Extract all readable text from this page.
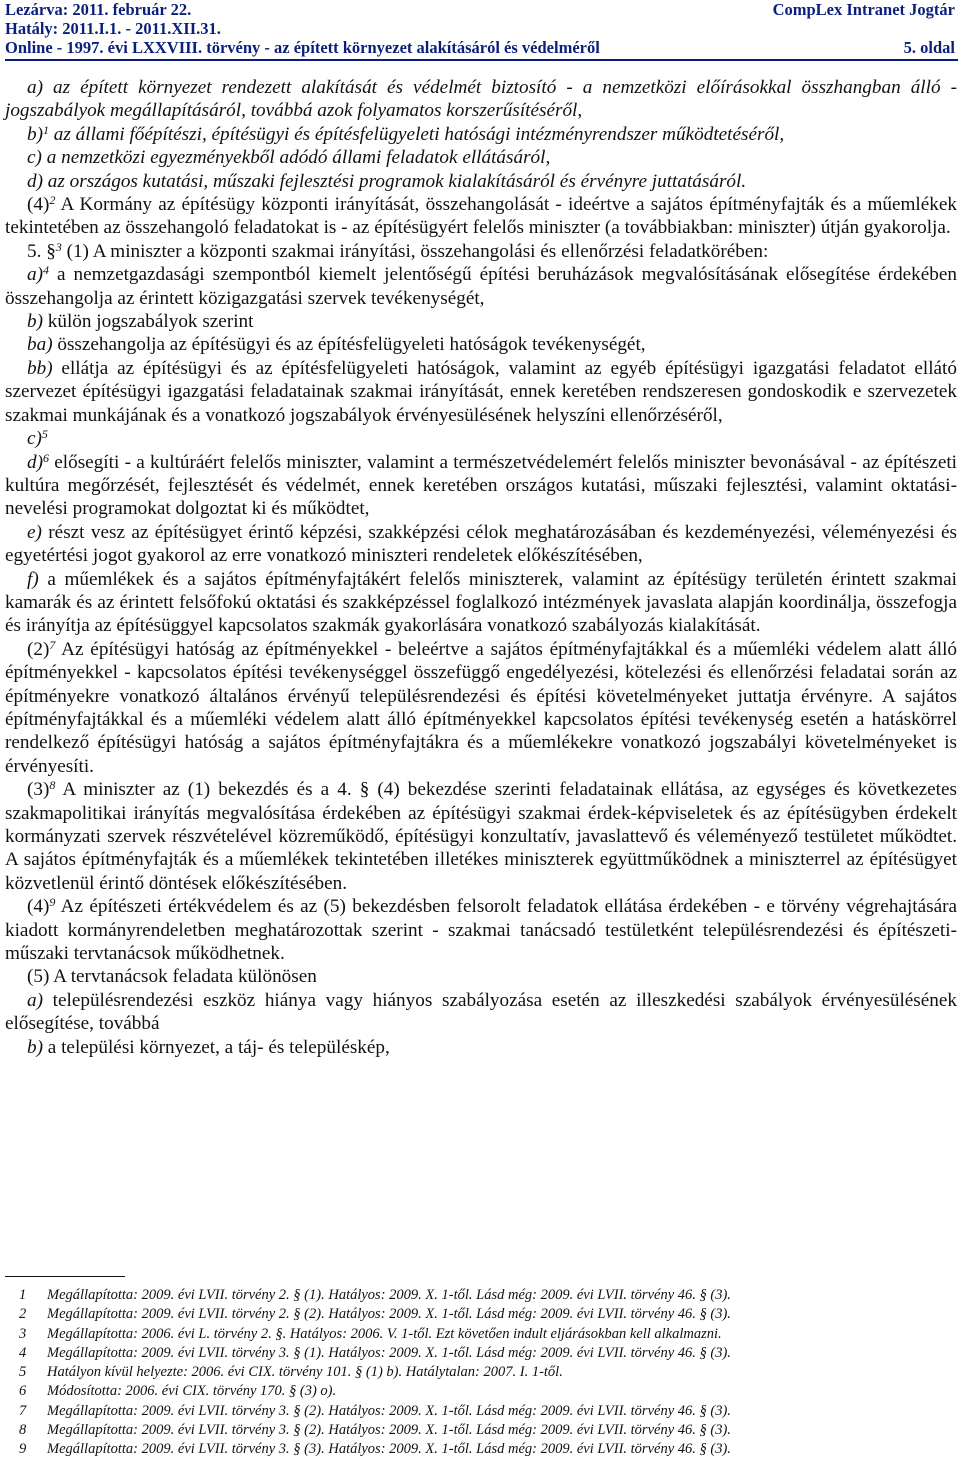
Lezárva: 2011. február 22.	CompLex Intranet Jogtár
Hatály: 2011.I.1. - 2011.XII.31.
Online - 1997. évi LXXVIII. törvény - az épített környezet alakításáról és védelméről	5. oldal
a) az épített környezet rendezett alakítását és védelmét biztosító - a nemzetközi előírásokkal összhangban álló - jogszabályok megállapításáról, továbbá azok folyamatos korszerűsítéséről,
b)$^1$ az állami főépítészi, építésügyi és építésfelügyeleti hatósági intézményrendszer működtetéséről,
c) a nemzetközi egyezményekből adódó állami feladatok ellátásáról,
d) az országos kutatási, műszaki fejlesztési programok kialakításáról és érvényre juttatásáról.
$(4)^2$ A Kormány az építésügy központi irányítását, összehangolását - ideértve a sajátos építményfajták és a műemlékek tekintetében az összehangoló feladatokat is - az építésügyért felelős miniszter (a továbbiakban: miniszter) útján gyakorolja.
5. §$^3$ (1) A miniszter a központi szakmai irányítási, összehangolási és ellenőrzési feladatkörében:
a)$^4$ a nemzetgazdasági szempontból kiemelt jelentőségű építési beruházások megvalósításának elősegítése érdekében összehangolja az érintett közigazgatási szervek tevékenységét,
b) külön jogszabályok szerint
ba) összehangolja az építésügyi és az építésfelügyeleti hatóságok tevékenységét,
bb) ellátja az építésügyi és az építésfelügyeleti hatóságok, valamint az egyéb építésügyi igazgatási feladatot ellátó szervezet építésügyi igazgatási feladatainak szakmai irányítását, ennek keretében rendszeresen gondoskodik e szervezetek szakmai munkájának és a vonatkozó jogszabályok érvényesülésének helyszíni ellenőrzéséről,
c)$^5$
d)$^6$ elősegíti - a kultúráért felelős miniszter, valamint a természetvédelemért felelős miniszter bevonásával - az építészeti kultúra megőrzését, fejlesztését és védelmét, ennek keretében országos kutatási, műszaki fejlesztési, valamint oktatási-nevelési programokat dolgoztat ki és működtet,
e) részt vesz az építésügyet érintő képzési, szakképzési célok meghatározásában és kezdeményezési, véleményezési és egyetértési jogot gyakorol az erre vonatkozó miniszteri rendeletek előkészítésében,
f) a műemlékek és a sajátos építményfajtákért felelős miniszterek, valamint az építésügy területén érintett szakmai kamarák és az érintett felsőfokú oktatási és szakképzéssel foglalkozó intézmények javaslata alapján koordinálja, összefogja és irányítja az építésüggyel kapcsolatos szakmák gyakorlására vonatkozó szabályozás kialakítását.
$(2)^7$ Az építésügyi hatóság az építményekkel - beleértve a sajátos építményfajtákkal és a műemléki védelem alatt álló építményekkel - kapcsolatos építési tevékenységgel összefüggő engedélyezési, kötelezési és ellenőrzési feladatai során az építményekre vonatkozó általános érvényű településrendezési és építési követelményeket juttatja érvényre. A sajátos építményfajtákkal és a műemléki védelem alatt álló építményekkel kapcsolatos építési tevékenység esetén a hatáskörrel rendelkező építésügyi hatóság a sajátos építményfajtákra és a műemlékekre vonatkozó jogszabályi követelményeket is érvényesíti.
$(3)^8$ A miniszter az (1) bekezdés és a 4. § (4) bekezdése szerinti feladatainak ellátása, az egységes és következetes szakmapolitikai irányítás megvalósítása érdekében az építésügyi szakmai érdek-képviseletek és az építésügyben érdekelt kormányzati szervek részvételével közreműködő, építésügyi konzultatív, javaslattevő és véleményező testületet működtet. A sajátos építményfajták és a műemlékek tekintetében illetékes miniszterek együttműködnek a miniszterrel az építésügyet közvetlenül érintő döntések előkészítésében.
$(4)^9$ Az építészeti értékvédelem és az (5) bekezdésben felsorolt feladatok ellátása érdekében - e törvény végrehajtására kiadott kormányrendeletben meghatározottak szerint - szakmai tanácsadó testületként településrendezési és építészeti-műszaki tervtanácsok működhetnek.
(5) A tervtanácsok feladata különösen
a) településrendezési eszköz hiánya vagy hiányos szabályozása esetén az illeszkedési szabályok érvényesülésének elősegítése, továbbá
b) a települési környezet, a táj- és településkép,
1	Megállapította: 2009. évi LVII. törvény 2. § (1). Hatályos: 2009. X. 1-től. Lásd még: 2009. évi LVII. törvény 46. § (3).
2	Megállapította: 2009. évi LVII. törvény 2. § (2). Hatályos: 2009. X. 1-től. Lásd még: 2009. évi LVII. törvény 46. § (3).
3	Megállapította: 2006. évi L. törvény 2. §. Hatályos: 2006. V. 1-től. Ezt követően indult eljárásokban kell alkalmazni.
4	Megállapította: 2009. évi LVII. törvény 3. § (1). Hatályos: 2009. X. 1-től. Lásd még: 2009. évi LVII. törvény 46. § (3).
5	Hatályon kívül helyezte: 2006. évi CIX. törvény 101. § (1) b). Hatálytalan: 2007. I. 1-től.
6	Módosította: 2006. évi CIX. törvény 170. § (3) o).
7	Megállapította: 2009. évi LVII. törvény 3. § (2). Hatályos: 2009. X. 1-től. Lásd még: 2009. évi LVII. törvény 46. § (3).
8	Megállapította: 2009. évi LVII. törvény 3. § (2). Hatályos: 2009. X. 1-től. Lásd még: 2009. évi LVII. törvény 46. § (3).
9	Megállapította: 2009. évi LVII. törvény 3. § (3). Hatályos: 2009. X. 1-től. Lásd még: 2009. évi LVII. törvény 46. § (3).
